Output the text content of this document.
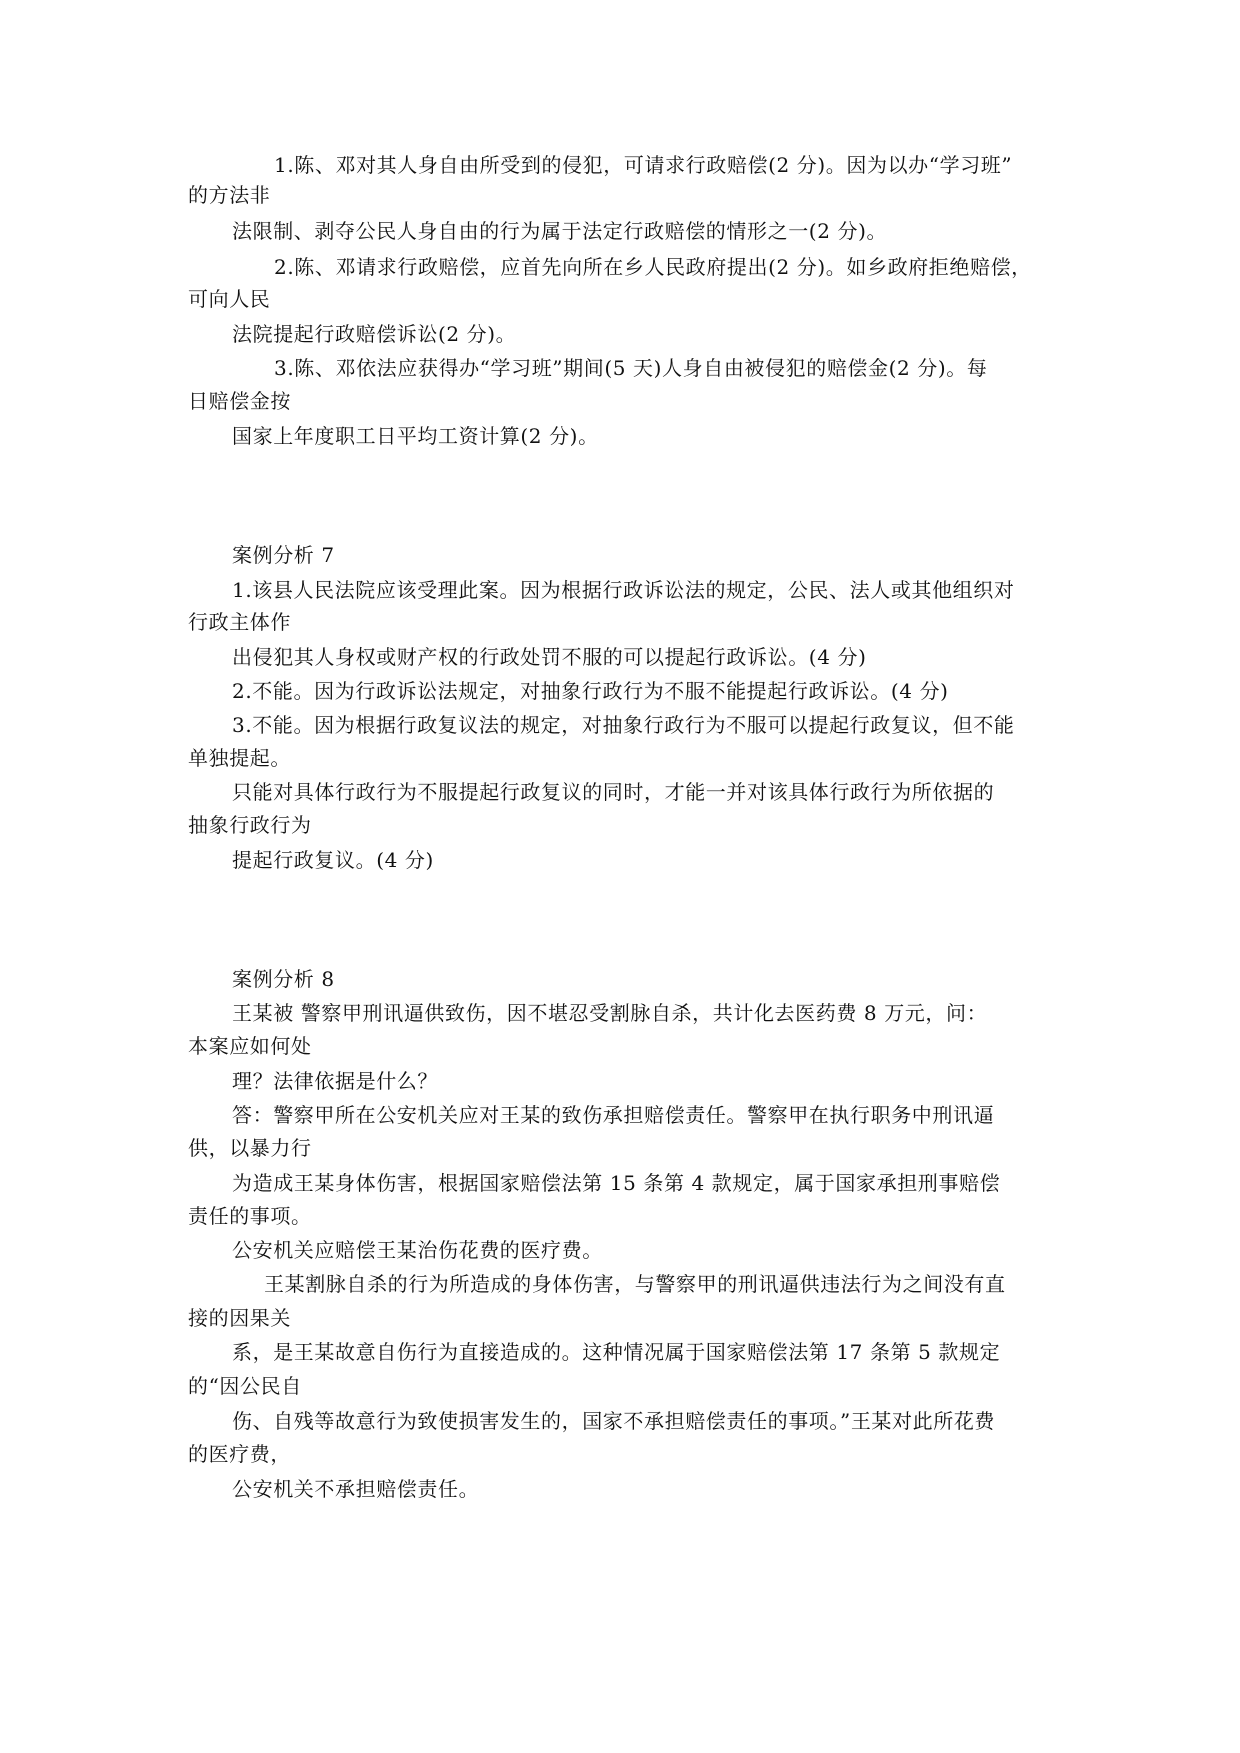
1.陈、邓对其人身自由所受到的侵犯，可请求行政赔偿(2 分)。因为以办“学习班”
的方法非
法限制、剥夺公民人身自由的行为属于法定行政赔偿的情形之一(2 分)。
2.陈、邓请求行政赔偿，应首先向所在乡人民政府提出(2 分)。如乡政府拒绝赔偿，
可向人民
法院提起行政赔偿诉讼(2 分)。
3.陈、邓依法应获得办“学习班”期间(5 天)人身自由被侵犯的赔偿金(2 分)。每
日赔偿金按
国家上年度职工日平均工资计算(2 分)。
案例分析 7
1.该县人民法院应该受理此案。因为根据行政诉讼法的规定，公民、法人或其他组织对
行政主体作
出侵犯其人身权或财产权的行政处罚不服的可以提起行政诉讼。(4 分)
2.不能。因为行政诉讼法规定，对抽象行政行为不服不能提起行政诉讼。(4 分)
3.不能。因为根据行政复议法的规定，对抽象行政行为不服可以提起行政复议，但不能
单独提起。
只能对具体行政行为不服提起行政复议的同时，才能一并对该具体行政行为所依据的
抽象行政行为
提起行政复议。(4 分)
案例分析 8
王某被 警察甲刑讯逼供致伤，因不堪忍受割脉自杀，共计化去医药费 8 万元，问：
本案应如何处
理？法律依据是什么？
答：警察甲所在公安机关应对王某的致伤承担赔偿责任。警察甲在执行职务中刑讯逼
供，以暴力行
为造成王某身体伤害，根据国家赔偿法第 15 条第 4 款规定，属于国家承担刑事赔偿
责任的事项。
公安机关应赔偿王某治伤花费的医疗费。
王某割脉自杀的行为所造成的身体伤害，与警察甲的刑讯逼供违法行为之间没有直
接的因果关
系，是王某故意自伤行为直接造成的。这种情况属于国家赔偿法第 17 条第 5 款规定
的“因公民自
伤、自残等故意行为致使损害发生的，国家不承担赔偿责任的事项。”王某对此所花费
的医疗费，
公安机关不承担赔偿责任。
